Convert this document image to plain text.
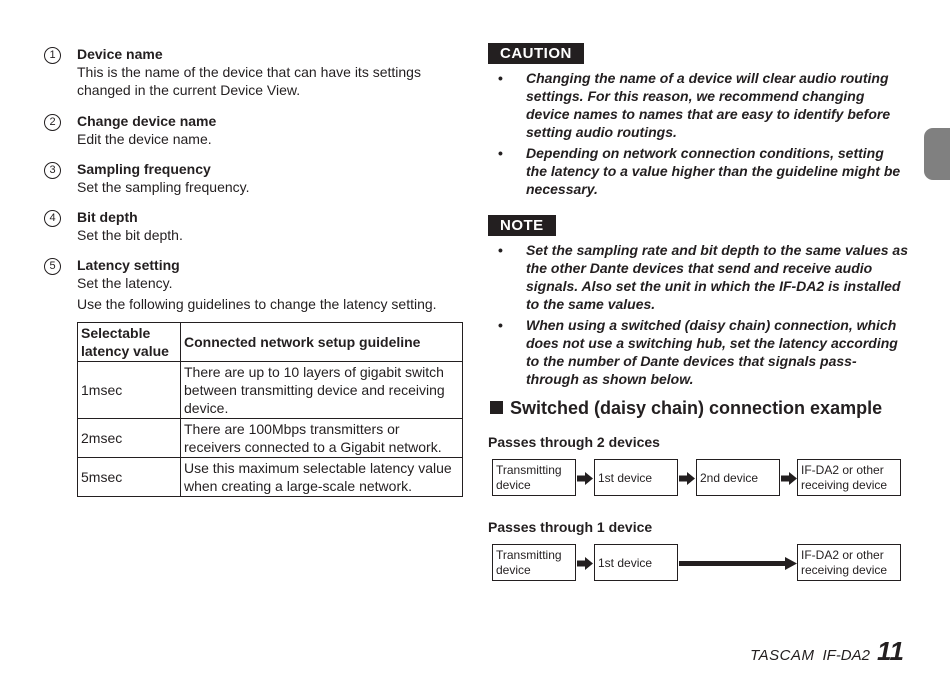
1	Device name
This is the name of the device that can have its settings changed in the current Device View.
2	Change device name
Edit the device name.
3	Sampling frequency
Set the sampling frequency.
4	Bit depth
Set the bit depth.
5	Latency setting
Set the latency.
Use the following guidelines to change the latency setting.
Selectable latency value	Connected network setup guideline
1msec	There are up to 10 layers of gigabit switch between transmitting device and receiving device.
2msec	There are 100Mbps transmitters or receivers connected to a Gigabit network.
5msec	Use this maximum selectable latency value when creating a large-scale network.
CAUTION
• Changing the name of a device will clear audio routing settings. For this reason, we recommend changing device names to names that are easy to identify before setting audio routings.
• Depending on network connection conditions, setting the latency to a value higher than the guideline might be necessary.
NOTE
• Set the sampling rate and bit depth to the same values as the other Dante devices that send and receive audio signals. Also set the unit in which the IF-DA2 is installed to the same values.
• When using a switched (daisy chain) connection, which does not use a switching hub, set the latency according to the number of Dante devices that signals pass-through as shown below.
Switched (daisy chain) connection example
Passes through 2 devices
Transmitting device	1st device	2nd device
IF-DA2 or other receiving device
Passes through 1 device
Transmitting device	1st device
IF-DA2 or other receiving device
TASCAM IF-DA2 11
